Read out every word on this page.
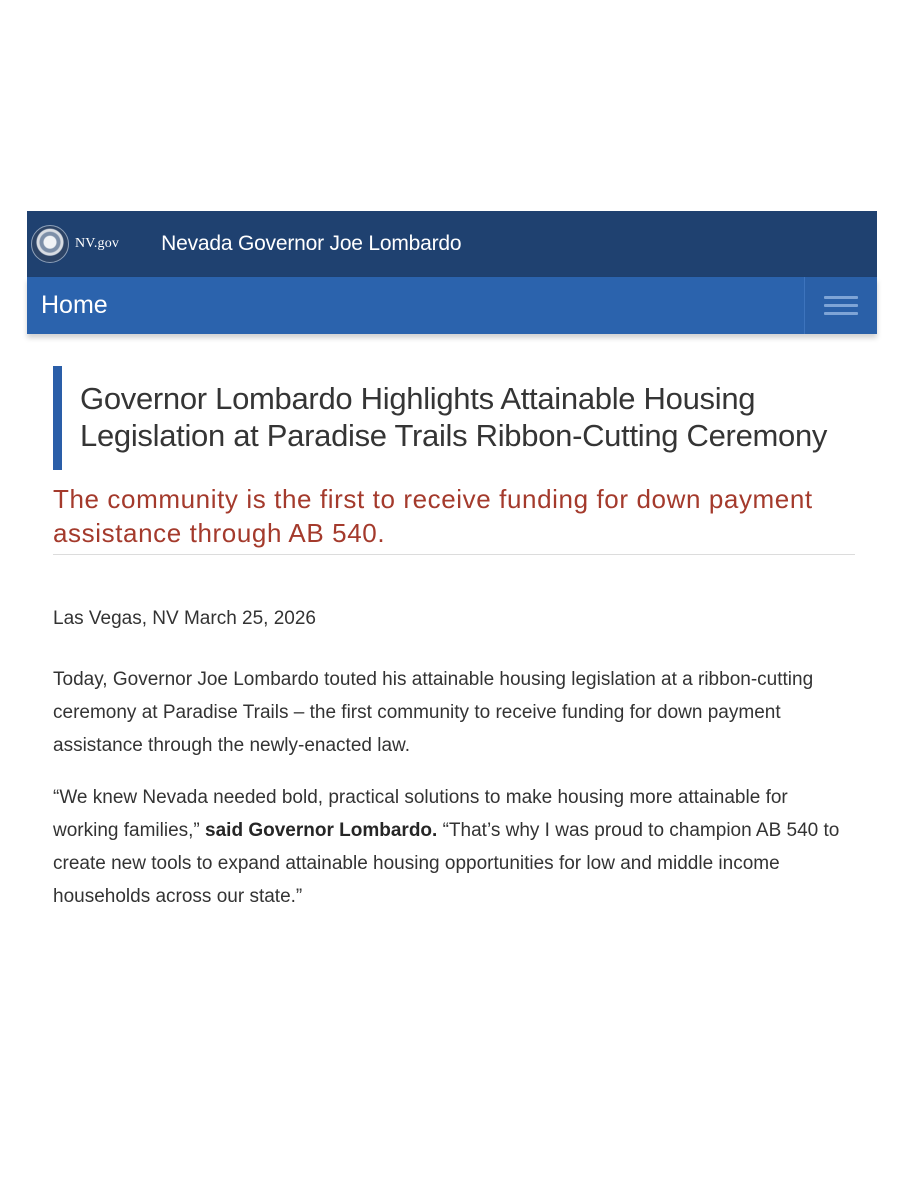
NV.gov Nevada Governor Joe Lombardo
Home
Governor Lombardo Highlights Attainable Housing Legislation at Paradise Trails Ribbon-Cutting Ceremony
The community is the first to receive funding for down payment assistance through AB 540.
Las Vegas, NV March 25, 2026

Today, Governor Joe Lombardo touted his attainable housing legislation at a ribbon-cutting ceremony at Paradise Trails – the first community to receive funding for down payment assistance through the newly-enacted law.

“We knew Nevada needed bold, practical solutions to make housing more attainable for working families,” said Governor Lombardo. “That’s why I was proud to champion AB 540 to create new tools to expand attainable housing opportunities for low and middle income households across our state.”
